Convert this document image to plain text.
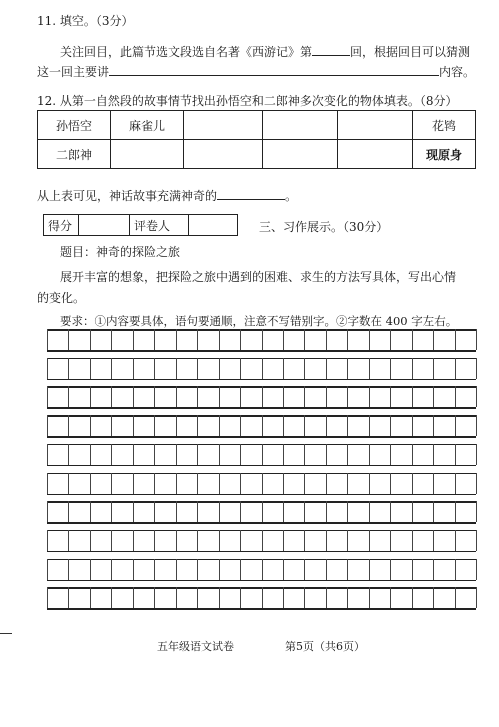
11. 填空。（3分）
关注回目，此篇节选文段选自名著《西游记》第	回，根据回目可以猜测
这一回主要讲	内容。
12. 从第一自然段的故事情节找出孙悟空和二郎神多次变化的物体填表。（8分）
孙悟空	麻雀儿				花鸨
二郎神					现原身
从上表可见，神话故事充满神奇的	。
得分		评卷人		三、习作展示。（30分）
题目：神奇的探险之旅
展开丰富的想象，把探险之旅中遇到的困难、求生的方法写具体，写出心情
的变化。
要求：①内容要具体，语句要通顺，注意不写错别字。②字数在 400 字左右。
五年级语文试卷	第5页（共6页）
